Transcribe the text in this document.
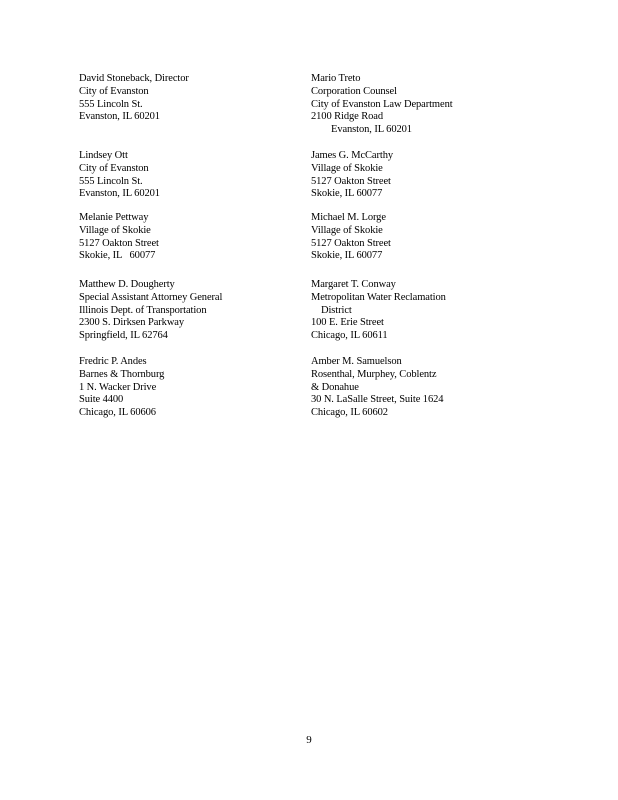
David Stoneback, Director
City of Evanston
555 Lincoln St.
Evanston, IL 60201
Lindsey Ott
City of Evanston
555 Lincoln St.
Evanston, IL 60201
Melanie Pettway
Village of Skokie
5127 Oakton Street
Skokie, IL   60077
Matthew D. Dougherty
Special Assistant Attorney General
Illinois Dept. of Transportation
2300 S. Dirksen Parkway
Springfield, IL 62764
Fredric P. Andes
Barnes & Thornburg
1 N. Wacker Drive
Suite 4400
Chicago, IL 60606
Mario Treto
Corporation Counsel
City of Evanston Law Department
2100 Ridge Road
Evanston, IL 60201
James G. McCarthy
Village of Skokie
5127 Oakton Street
Skokie, IL 60077
Michael M. Lorge
Village of Skokie
5127 Oakton Street
Skokie, IL 60077
Margaret T. Conway
Metropolitan Water Reclamation
District
100 E. Erie Street
Chicago, IL 60611
Amber M. Samuelson
Rosenthal, Murphey, Coblentz
& Donahue
30 N. LaSalle Street, Suite 1624
Chicago, IL 60602
9
